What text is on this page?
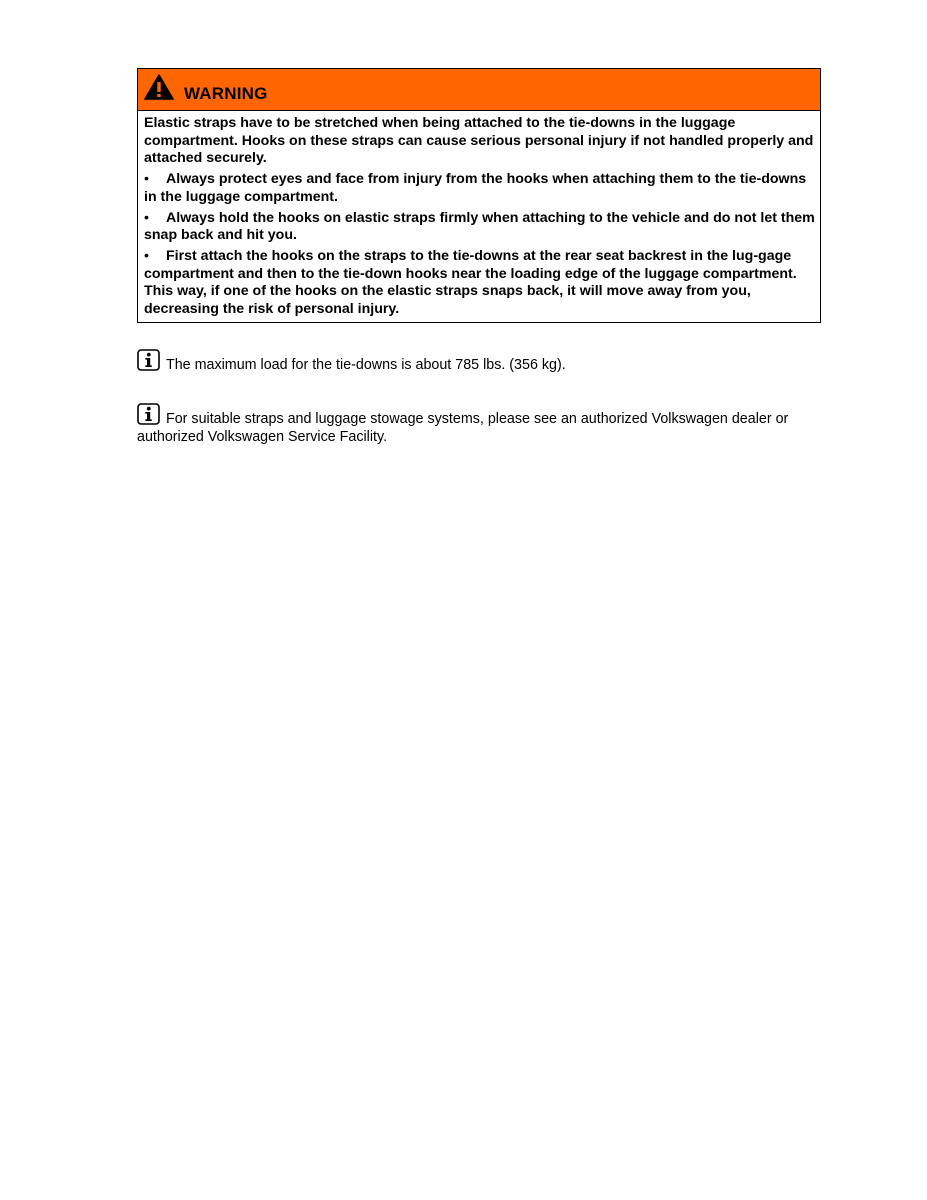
WARNING

Elastic straps have to be stretched when being attached to the tie-downs in the luggage compartment. Hooks on these straps can cause serious personal injury if not handled properly and attached securely.

• Always protect eyes and face from injury from the hooks when attaching them to the tie-downs in the luggage compartment.

• Always hold the hooks on elastic straps firmly when attaching to the vehicle and do not let them snap back and hit you.

• First attach the hooks on the straps to the tie-downs at the rear seat backrest in the lug-gage compartment and then to the tie-down hooks near the loading edge of the luggage compartment. This way, if one of the hooks on the elastic straps snaps back, it will move away from you, decreasing the risk of personal injury.

The maximum load for the tie-downs is about 785 lbs. (356 kg).
For suitable straps and luggage stowage systems, please see an authorized Volkswagen dealer or authorized Volkswagen Service Facility.
